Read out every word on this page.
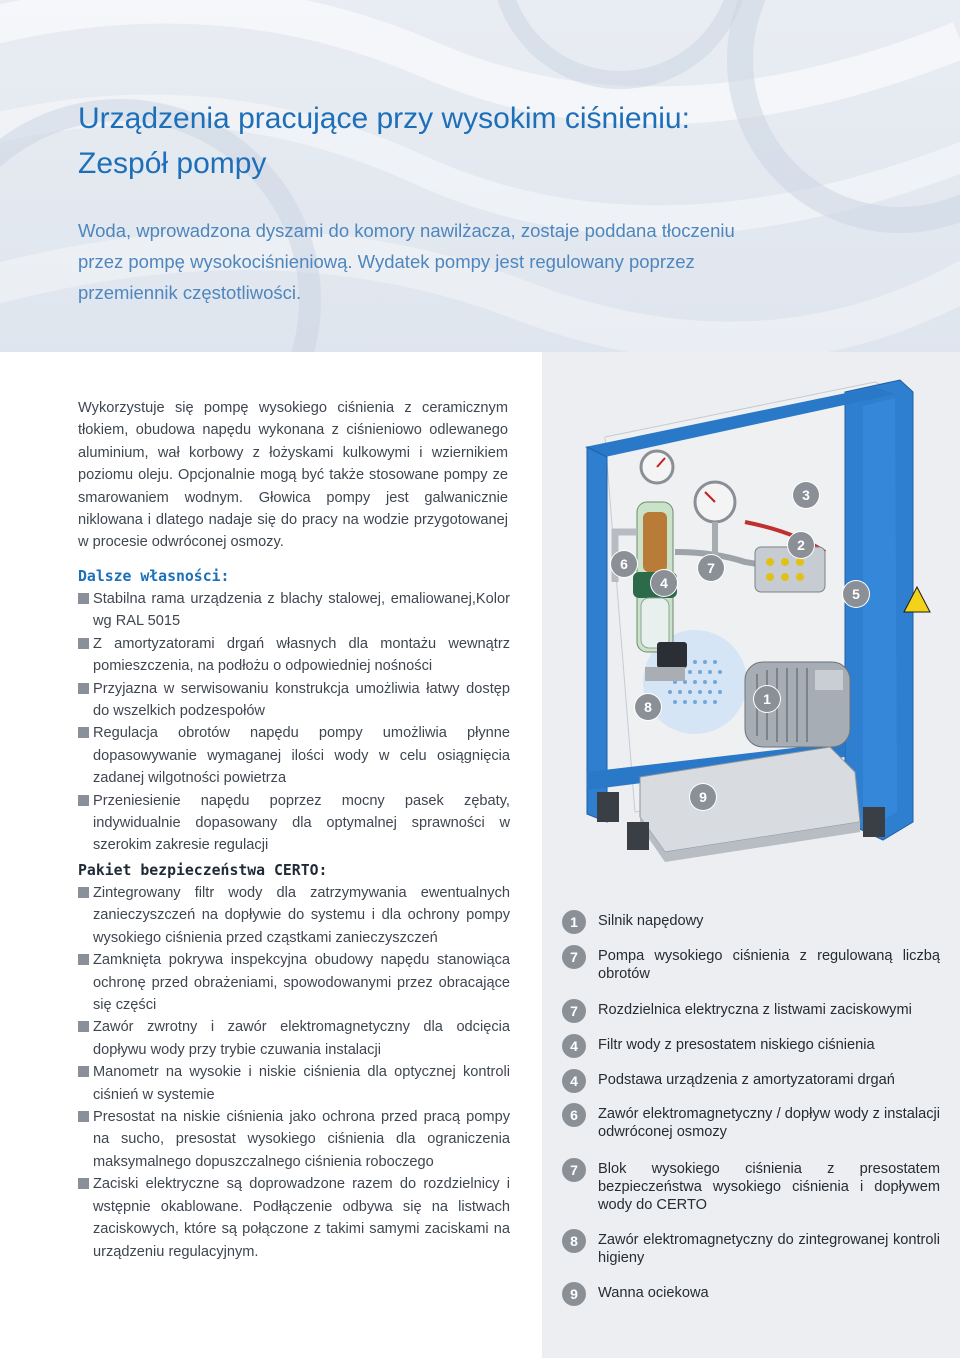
Urządzenia pracujące przy wysokim ciśnieniu:
Zespół pompy

Woda, wprowadzona dyszami do komory nawilżacza, zostaje poddana tłoczeniu przez pompę wysokociśnieniową. Wydatek pompy jest regulowany poprzez przemiennik częstotliwości.

Wykorzystuje się pompę wysokiego ciśnienia z ceramicznym tłokiem, obudowa napędu wykonana z ciśnieniowo odlewanego aluminium, wał korbowy z łożyskami kulkowymi i wziernikiem poziomu oleju. Opcjonalnie mogą być także stosowane pompy ze smarowaniem wodnym. Głowica pompy jest galwanicznie niklowana i dlatego nadaje się do pracy na wodzie przygotowanej w procesie odwróconej osmozy.

Dalsze własności:
Stabilna rama urządzenia z blachy stalowej, emaliowanej,Kolor wg RAL 5015
Z amortyzatorami drgań własnych dla montażu wewnątrz pomieszczenia, na podłożu o odpowiedniej nośności
Przyjazna w serwisowaniu konstrukcja umożliwia łatwy dostęp do wszelkich podzespołów
Regulacja obrotów napędu pompy umożliwia płynne dopasowywanie wymaganej ilości wody w celu osiągnięcia zadanej wilgotności powietrza
Przeniesienie napędu poprzez mocny pasek zębaty, indywidualnie dopasowany dla optymalnej sprawności w szerokim zakresie regulacji
Pakiet bezpieczeństwa CERTO:
Zintegrowany filtr wody dla zatrzymywania ewentualnych zanieczyszczeń na dopływie do systemu i dla ochrony pompy wysokiego ciśnienia przed cząstkami zanieczyszczeń
Zamknięta pokrywa inspekcyjna obudowy napędu stanowiąca ochronę przed obrażeniami, spowodowanymi przez obracające się części
Zawór zwrotny i zawór elektromagnetyczny dla odcięcia dopływu wody przy trybie czuwania instalacji
Manometr na wysokie i niskie ciśnienia dla optycznej kontroli ciśnień w systemie
Presostat na niskie ciśnienia jako ochrona przed pracą pompy na sucho, presostat wysokiego ciśnienia dla ograniczenia maksymalnego dopuszczalnego ciśnienia roboczego
Zaciski elektryczne są doprowadzone razem do rozdzielnicy i wstępnie okablowane. Podłączenie odbywa się na listwach zaciskowych, które są połączone z takimi samymi zaciskami na urządzeniu regulacyjnym.
3
2
6
4
7
5
8	1
9
1	Silnik napędowy
7	Pompa wysokiego ciśnienia z regulowaną liczbą obrotów
7	Rozdzielnica elektryczna z listwami zaciskowymi
4	Filtr wody z presostatem niskiego ciśnienia
4	Podstawa urządzenia z amortyzatorami drgań
6	Zawór elektromagnetyczny / dopływ wody z instalacji odwróconej osmozy
7	Blok wysokiego ciśnienia z presostatem bezpieczeństwa wysokiego ciśnienia i dopływem wody do CERTO
8	Zawór elektromagnetyczny do zintegrowanej kontroli higieny
9	Wanna ociekowa
